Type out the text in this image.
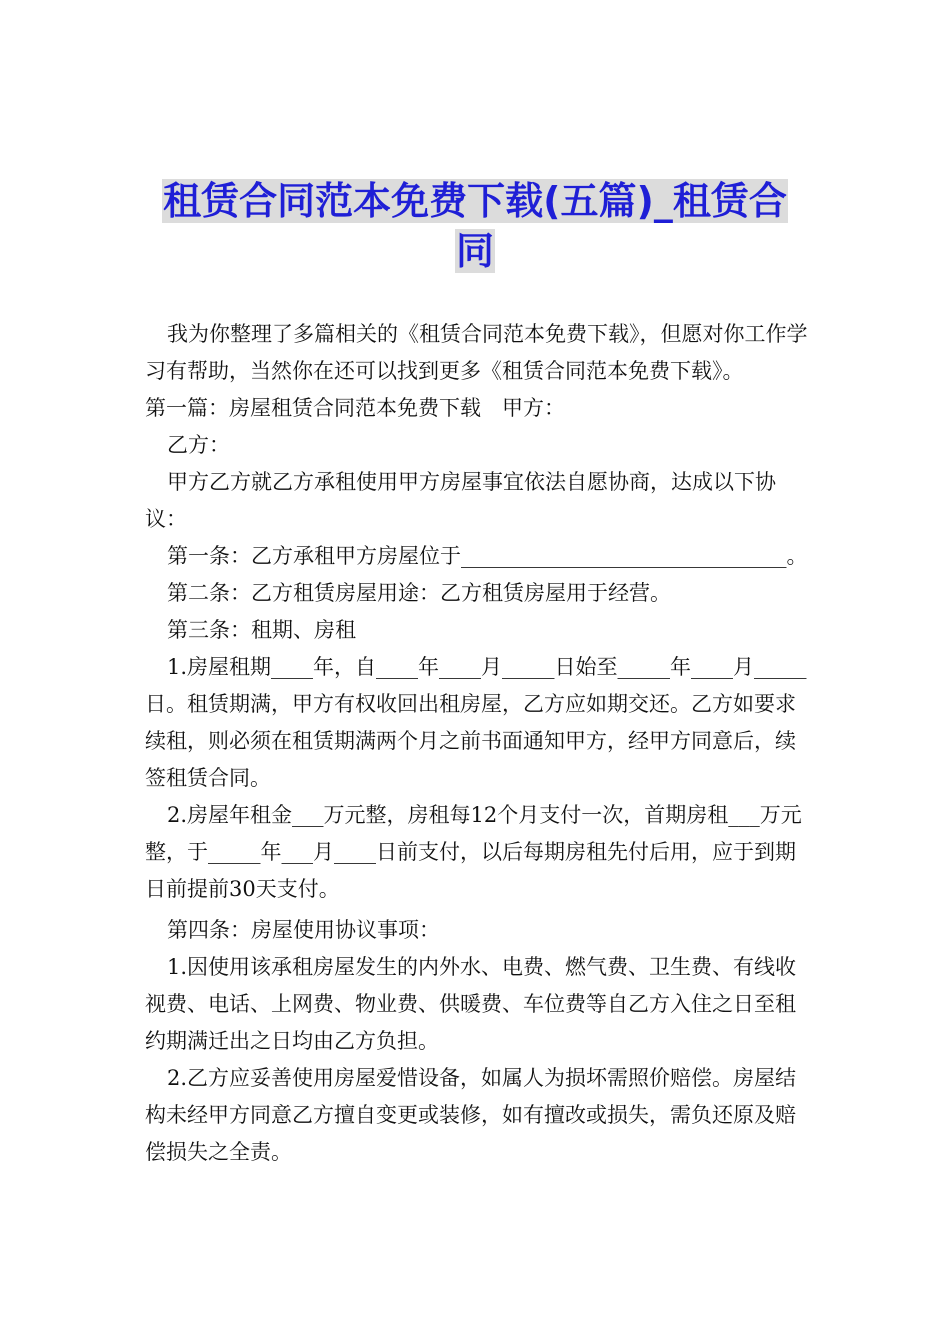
租赁合同范本免费下载(五篇)_租赁合
同

我为你整理了多篇相关的《租赁合同范本免费下载》，但愿对你工作学习有帮助，当然你在还可以找到更多《租赁合同范本免费下载》。

第一篇：房屋租赁合同范本免费下载　甲方：

乙方：

甲方乙方就乙方承租使用甲方房屋事宜依法自愿协商，达成以下协议：

第一条：乙方承租甲方房屋位于_______________________________。

第二条：乙方租赁房屋用途：乙方租赁房屋用于经营。

第三条：租期、房租

1.房屋租期____年，自____年____月_____日始至_____年____月_____日。租赁期满，甲方有权收回出租房屋，乙方应如期交还。乙方如要求续租，则必须在租赁期满两个月之前书面通知甲方，经甲方同意后，续签租赁合同。

2.房屋年租金___万元整，房租每12个月支付一次，首期房租___万元整，于_____年___月____日前支付，以后每期房租先付后用，应于到期日前提前30天支付。

第四条：房屋使用协议事项：

1.因使用该承租房屋发生的内外水、电费、燃气费、卫生费、有线收视费、电话、上网费、物业费、供暖费、车位费等自乙方入住之日至租约期满迁出之日均由乙方负担。

2.乙方应妥善使用房屋爱惜设备，如属人为损坏需照价赔偿。房屋结构未经甲方同意乙方擅自变更或装修，如有擅改或损失，需负还原及赔偿损失之全责。
